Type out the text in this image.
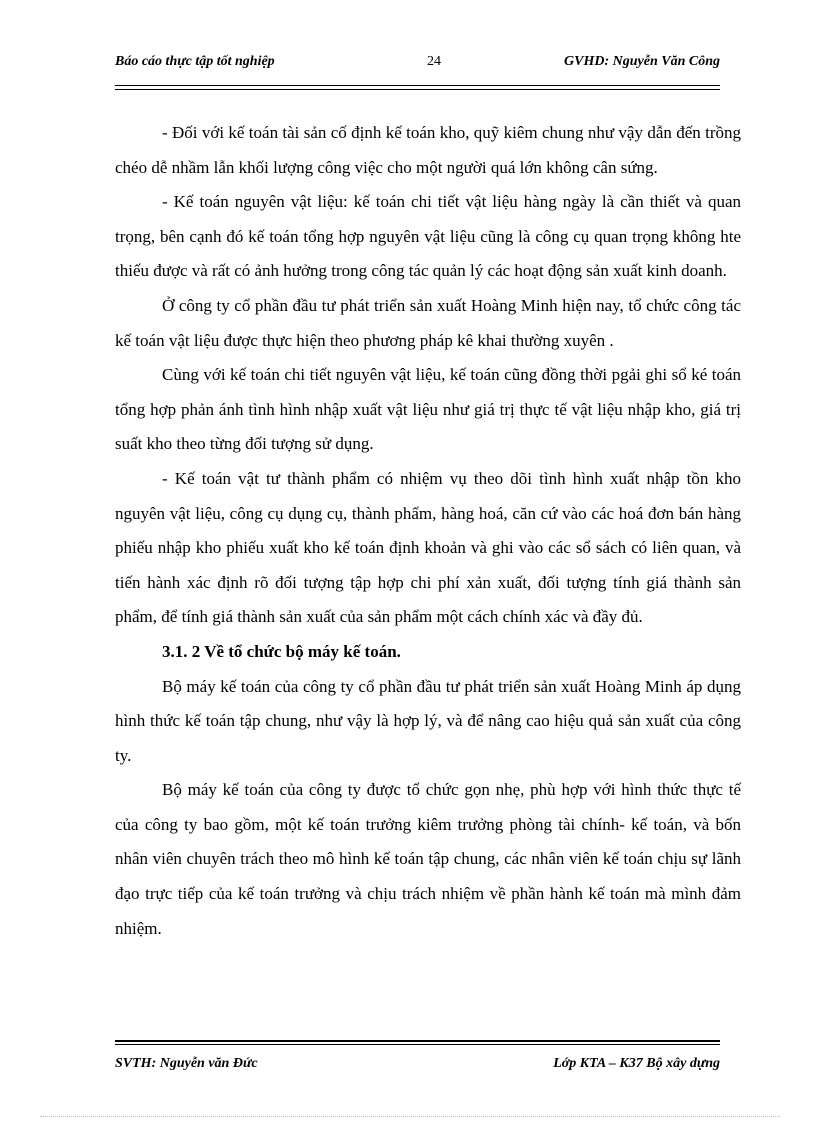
Báo cáo thực tập tốt nghiệp	24	GVHD: Nguyễn Văn Công

- Đối với kế toán tài sản cố định kế toán kho, quỹ kiêm chung như vậy dẫn đến trồng chéo dễ nhầm lẫn khối lượng công việc cho một người quá lớn không cân sứng.

- Kế toán nguyên vật liệu: kế toán chi tiết vật liệu hàng ngày là cần thiết và quan trọng, bên cạnh đó kế toán tổng hợp nguyên vật liệu cũng là công cụ quan trọng không hte thiếu được và rất có ảnh hưởng trong công tác quản lý các hoạt động sản xuất kinh doanh.

Ở công ty cổ phần đầu tư phát triển sản xuất Hoàng Minh hiện nay, tổ chức công tác kế toán vật liệu được thực hiện theo phương pháp kê khai thường xuyên .

Cùng với kế toán chi tiết nguyên vật liệu, kế toán cũng đồng thời pgải ghi sổ ké toán tổng hợp phản ánh tình hình nhập xuất vật liệu như giá trị thực tế vật liệu nhập kho, giá trị suất kho theo từng đối tượng sử dụng.

- Kế toán vật tư thành phẩm có nhiệm vụ theo dõi tình hình xuất nhập tồn kho nguyên vật liệu, công cụ dụng cụ, thành phẩm, hàng hoá, căn cứ vào các hoá đơn bán hàng phiếu nhập kho phiếu xuất kho kế toán định khoản và ghi vào các sổ sách có liên quan, và tiến hành xác định rõ đối tượng tập hợp chi phí xản xuất, đối tượng tính giá thành sản phẩm, để tính giá thành sản xuất của sản phẩm một cách chính xác và đầy đủ.

3.1. 2 Về tổ chức bộ máy kế toán.

Bộ máy kế toán của công ty cổ phần đầu tư phát triển sản xuất Hoàng Minh áp dụng hình thức kế toán tập chung, như vậy là hợp lý, và để nâng cao hiệu quả sản xuất của công ty.

Bộ máy kế toán của công ty được tổ chức gọn nhẹ, phù hợp với hình thức thực tế của công ty bao gồm, một kế toán trưởng kiêm trưởng phòng tài chính- kế toán, và bốn nhân viên chuyên trách theo mô hình kế toán tập chung, các nhân viên kế toán chịu sự lãnh đạo trực tiếp của kế toán trưởng và chịu trách nhiệm về phần hành kế toán mà mình đảm nhiệm.

SVTH: Nguyễn văn Đức	Lớp KTA – K37 Bộ xây dựng
